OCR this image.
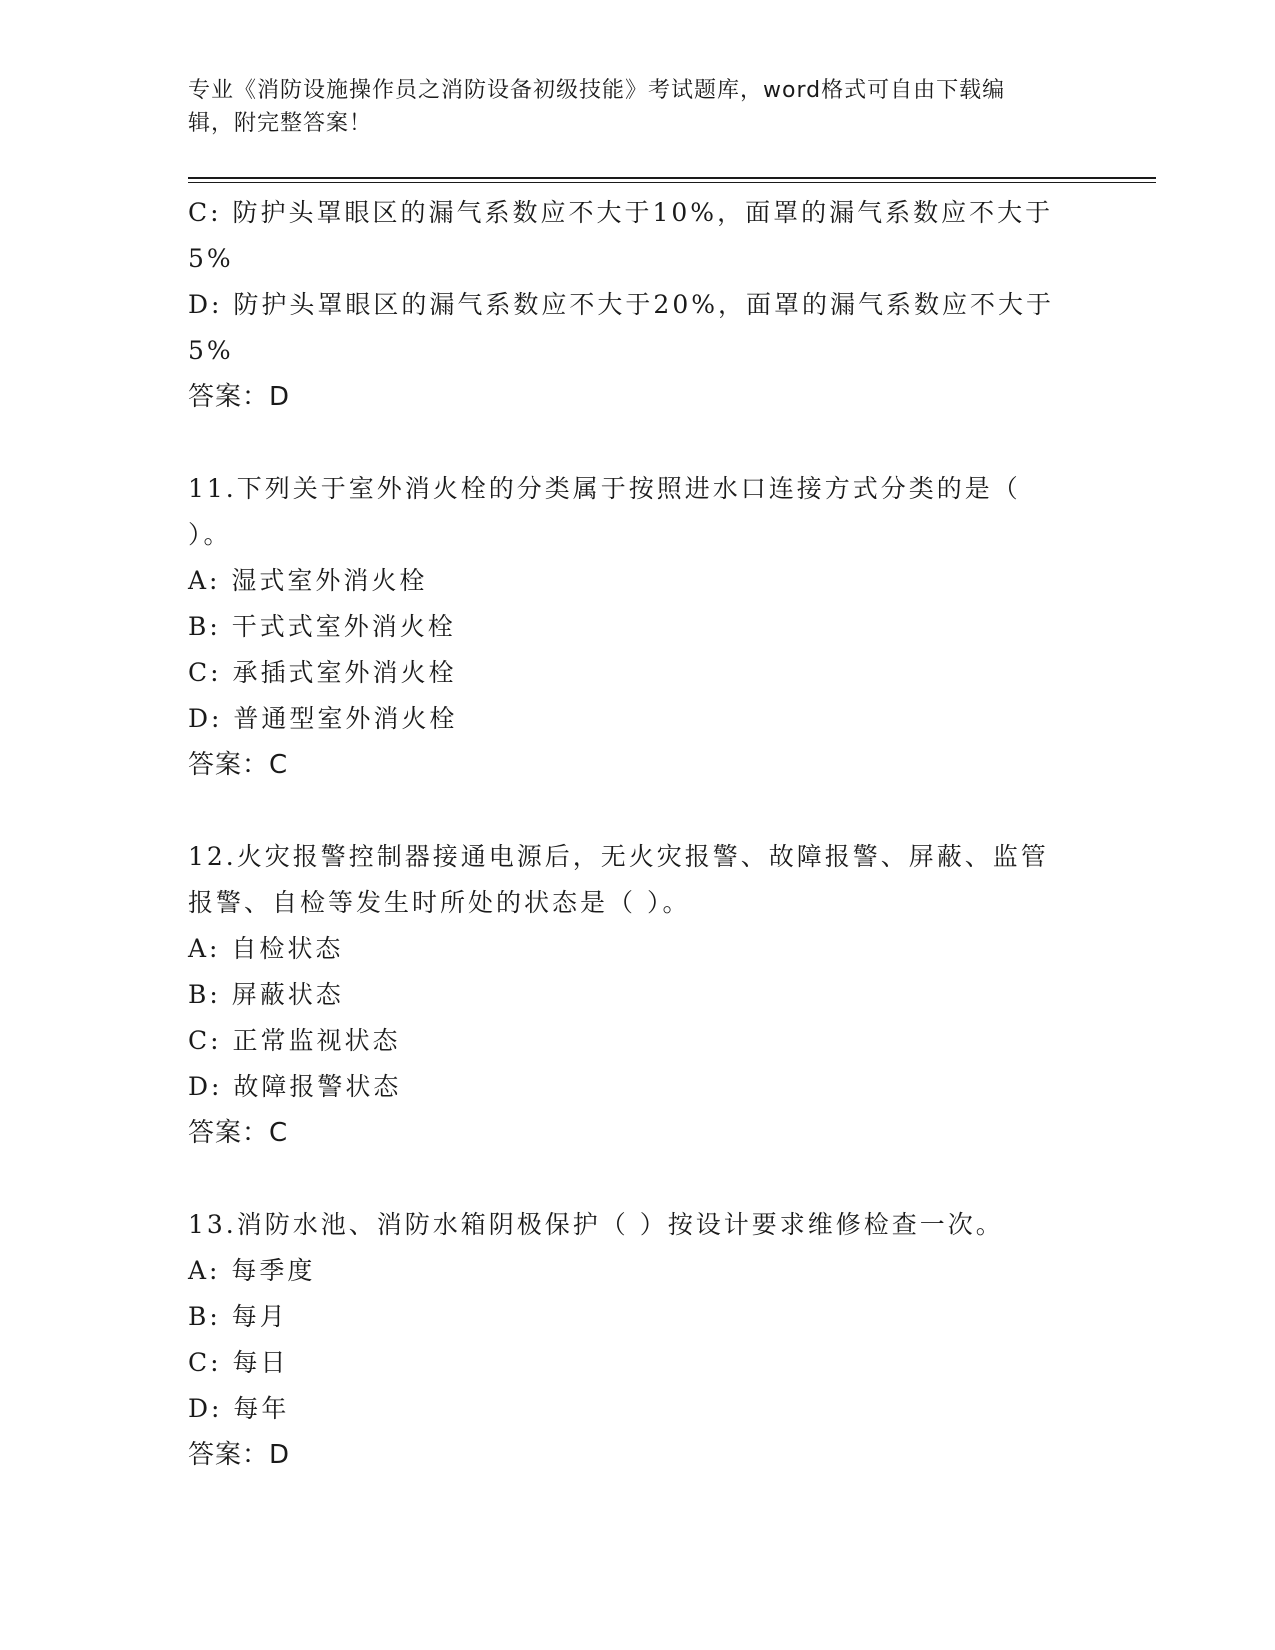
专业《消防设施操作员之消防设备初级技能》考试题库，word格式可自由下载编
辑，附完整答案！
C: 防护头罩眼区的漏气系数应不大于10%，面罩的漏气系数应不大于
5%
D: 防护头罩眼区的漏气系数应不大于20%，面罩的漏气系数应不大于
5%
答案：D
11.下列关于室外消火栓的分类属于按照进水口连接方式分类的是（
）。
A: 湿式室外消火栓
B: 干式式室外消火栓
C: 承插式室外消火栓
D: 普通型室外消火栓
答案：C
12.火灾报警控制器接通电源后，无火灾报警、故障报警、屏蔽、监管
报警、自检等发生时所处的状态是（ ）。
A: 自检状态
B: 屏蔽状态
C: 正常监视状态
D: 故障报警状态
答案：C
13.消防水池、消防水箱阴极保护（ ）按设计要求维修检查一次。
A: 每季度
B: 每月
C: 每日
D: 每年
答案：D
